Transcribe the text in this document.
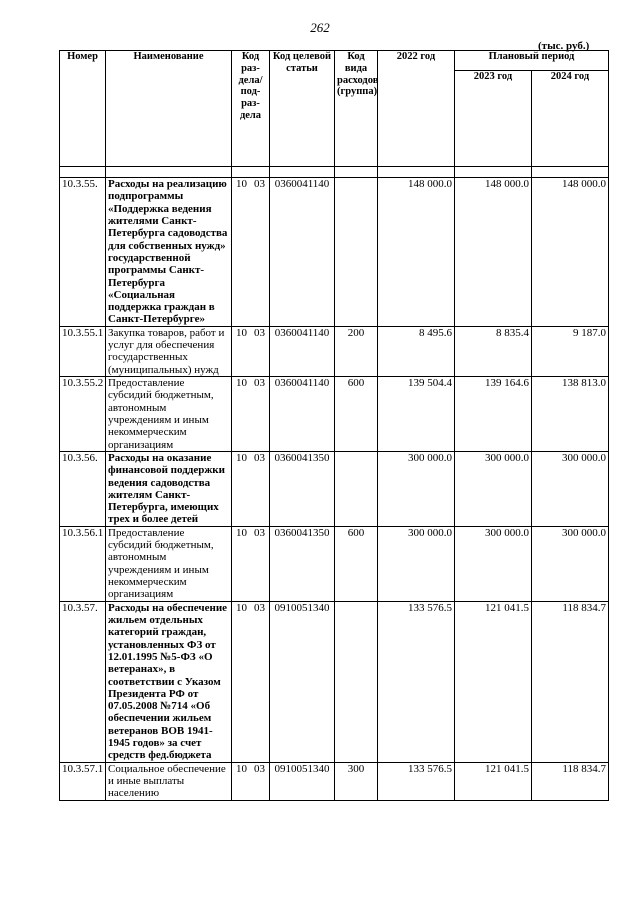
262
(тыс. руб.)
Номер	Наименование	Код раз-дела/ под-раз-дела	Код целевой статьи	Код вида расходов (группа)	2022 год	Плановый период	
						2023 год	2024 год

10.3.55.	Расходы на реализацию подпрограммы «Поддержка ведения жителями Санкт-Петербурга садоводства для собственных нужд» государственной программы Санкт-Петербурга «Социальная поддержка граждан в Санкт-Петербурге»	10 03	0360041140		148 000.0	148 000.0	148 000.0
10.3.55.1	Закупка товаров, работ и услуг для обеспечения государственных (муниципальных) нужд	10 03	0360041140	200	8 495.6	8 835.4	9 187.0
10.3.55.2	Предоставление субсидий бюджетным, автономным учреждениям и иным некоммерческим организациям	10 03	0360041140	600	139 504.4	139 164.6	138 813.0
10.3.56.	Расходы на оказание финансовой поддержки ведения садоводства жителям Санкт-Петербурга, имеющих трех и более детей	10 03	0360041350		300 000.0	300 000.0	300 000.0
10.3.56.1	Предоставление субсидий бюджетным, автономным учреждениям и иным некоммерческим организациям	10 03	0360041350	600	300 000.0	300 000.0	300 000.0
10.3.57.	Расходы на обеспечение жильем отдельных категорий граждан, установленных ФЗ от 12.01.1995 №5-ФЗ «О ветеранах», в соответствии с Указом Президента РФ от 07.05.2008 №714 «Об обеспечении жильем ветеранов ВОВ 1941-1945 годов» за счет средств фед.бюджета	10 03	0910051340		133 576.5	121 041.5	118 834.7
10.3.57.1	Социальное обеспечение и иные выплаты населению	10 03	0910051340	300	133 576.5	121 041.5	118 834.7
